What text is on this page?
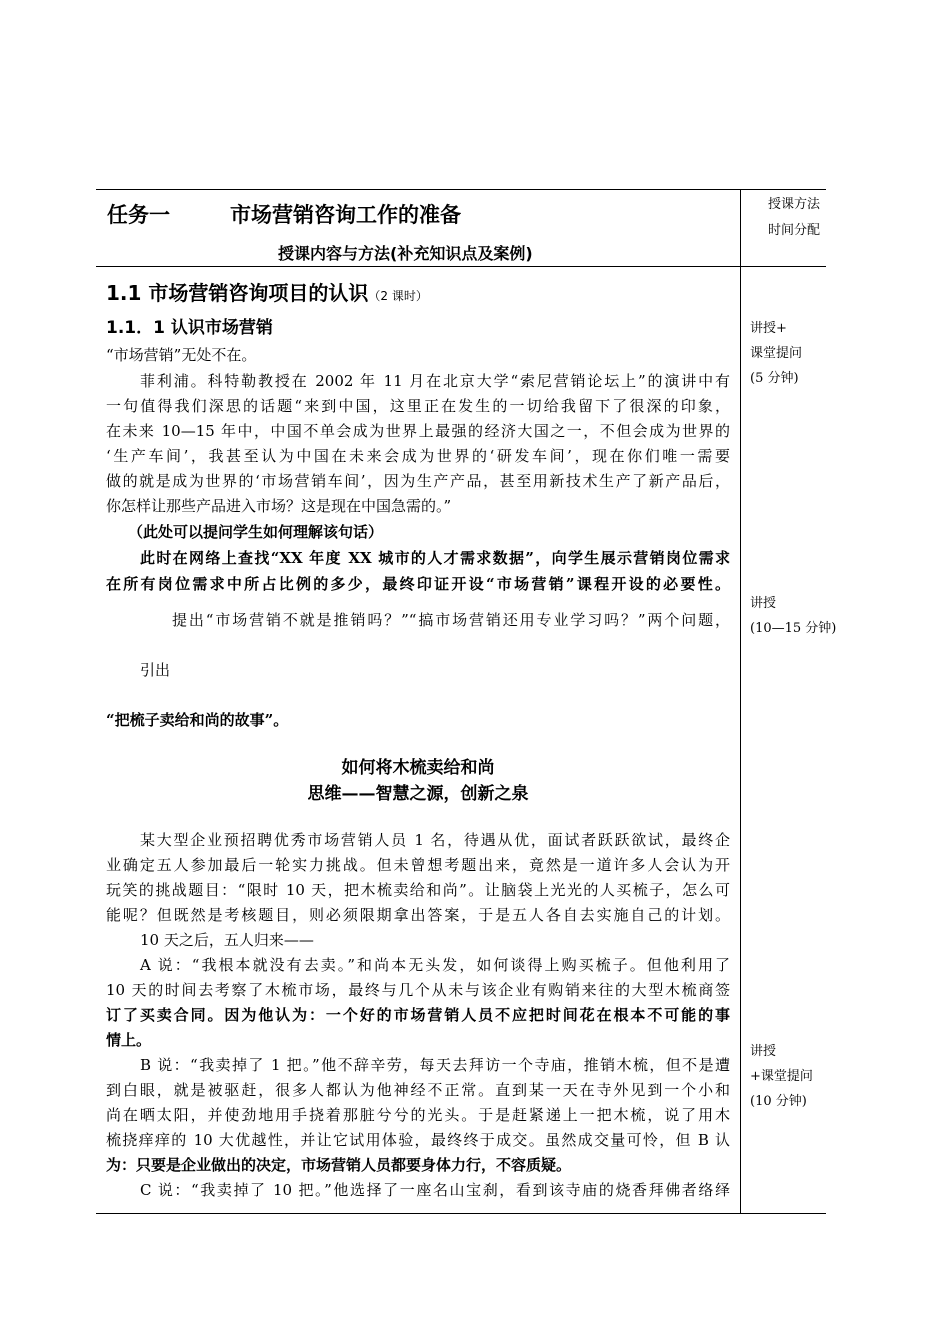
任务一	市场营销咨询工作的准备
授课内容与方法(补充知识点及案例)
授课方法
时间分配
1.1 市场营销咨询项目的认识（2 课时）
1.1．1 认识市场营销
“市场营销”无处不在。
菲利浦。科特勒教授在 2002 年 11 月在北京大学“索尼营销论坛上”的演讲中有
一句值得我们深思的话题“来到中国，这里正在发生的一切给我留下了很深的印象，
在未来 10—15 年中，中国不单会成为世界上最强的经济大国之一，不但会成为世界的
‘生产车间’，我甚至认为中国在未来会成为世界的‘研发车间’，现在你们唯一需要
做的就是成为世界的‘市场营销车间’，因为生产产品，甚至用新技术生产了新产品后，
你怎样让那些产品进入市场？这是现在中国急需的。”
（此处可以提问学生如何理解该句话）
此时在网络上查找“XX 年度 XX 城市的人才需求数据”，向学生展示营销岗位需求
在所有岗位需求中所占比例的多少，最终印证开设“市场营销”课程开设的必要性。
提出“市场营销不就是推销吗？”“搞市场营销还用专业学习吗？”两个问题，
引出
“把梳子卖给和尚的故事”。
如何将木梳卖给和尚
思维——智慧之源，创新之泉
某大型企业预招聘优秀市场营销人员 1 名，待遇从优，面试者跃跃欲试，最终企
业确定五人参加最后一轮实力挑战。但未曾想考题出来，竟然是一道许多人会认为开
玩笑的挑战题目：“限时 10 天，把木梳卖给和尚”。让脑袋上光光的人买梳子，怎么可
能呢？但既然是考核题目，则必须限期拿出答案，于是五人各自去实施自己的计划。
10 天之后，五人归来——
A 说：“我根本就没有去卖。”和尚本无头发，如何谈得上购买梳子。但他利用了
10 天的时间去考察了木梳市场，最终与几个从未与该企业有购销来往的大型木梳商签
订了买卖合同。因为他认为：一个好的市场营销人员不应把时间花在根本不可能的事
情上。
B 说：“我卖掉了 1 把。”他不辞辛劳，每天去拜访一个寺庙，推销木梳，但不是遭
到白眼，就是被驱赶，很多人都认为他神经不正常。直到某一天在寺外见到一个小和
尚在晒太阳，并使劲地用手挠着那脏兮兮的光头。于是赶紧递上一把木梳，说了用木
梳挠痒痒的 10 大优越性，并让它试用体验，最终终于成交。虽然成交量可怜，但 B 认
为：只要是企业做出的决定，市场营销人员都要身体力行，不容质疑。
C 说：“我卖掉了 10 把。”他选择了一座名山宝刹，看到该寺庙的烧香拜佛者络绎
讲授+
课堂提问
(5 分钟)
讲授
(10—15 分钟)
讲授
+课堂提问
(10 分钟)
